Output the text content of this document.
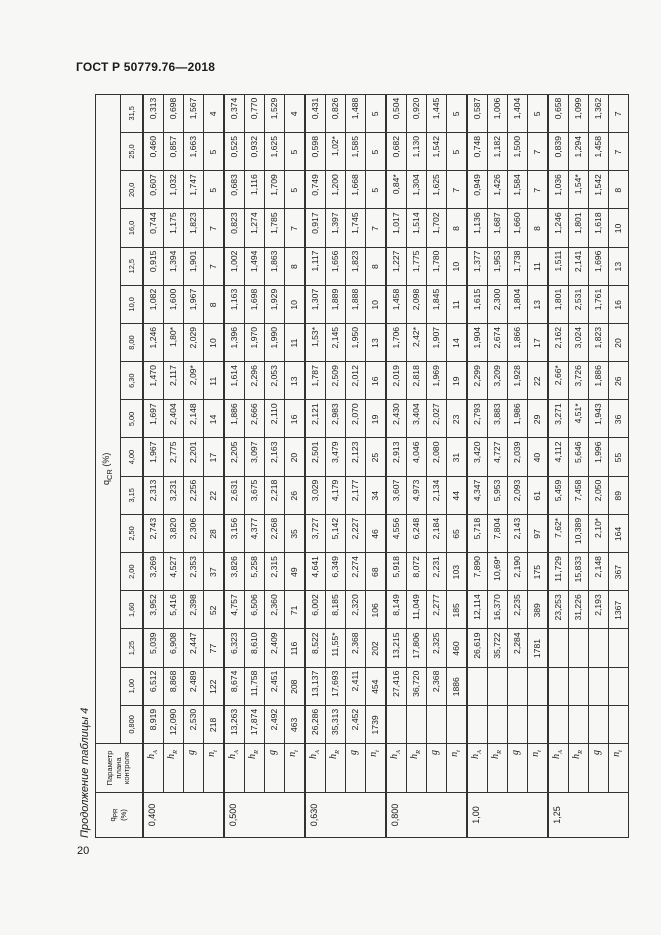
ГОСТ Р 50779.76—2018
Продолжение таблицы 4
20
$q_{PR}$
(%)	Параметр плана контроля	$q_{CR}$ (%)																
		0,800	1,00	1,25	1,60	2,00	2,50	3,15	4,00	5,00	6,30	8,00	10,0	12,5	16,0	20,0	25,0	31,5
0,400	$h_A$	8,919	6,512	5,039	3,952	3,269	2,743	2,313	1,967	1,697	1,470	1,246	1,082	0,915	0,744	0,607	0,460	0,313
	$h_R$	12,090	8,868	6,908	5,416	4,527	3,820	3,231	2,775	2,404	2,117	1,80*	1,600	1,394	1,175	1,032	0,857	0,698
	g	2,530	2,489	2,447	2,398	2,353	2,306	2,256	2,201	2,148	2,09*	2,029	1,967	1,901	1,823	1,747	1,663	1,567
	$n_t$	218	122	77	52	37	28	22	17	14	11	10	8	7	7	5	5	4
0,500	$h_A$	13,263	8,674	6,323	4,757	3,826	3,156	2,631	2,205	1,886	1,614	1,396	1,163	1,002	0,823	0,683	0,525	0,374
	$h_R$	17,874	11,758	8,610	6,506	5,258	4,377	3,675	3,097	2,666	2,296	1,970	1,698	1,494	1,274	1,116	0,932	0,770
	g	2,492	2,451	2,409	2,360	2,315	2,268	2,218	2,163	2,110	2,053	1,990	1,929	1,863	1,785	1,709	1,625	1,529
	$n_t$	463	208	116	71	49	35	26	20	16	13	11	10	8	7	5	5	4
0,630	$h_A$	26,286	13,137	8,522	6,002	4,641	3,727	3,029	2,501	2,121	1,787	1,53*	1,307	1,117	0,917	0,749	0,598	0,431
	$h_R$	35,313	17,693	11,55*	8,185	6,349	5,142	4,179	3,479	2,983	2,509	2,145	1,889	1,656	1,397	1,200	1,02*	0,826
	g	2,452	2,411	2,368	2,320	2,274	2,227	2,177	2,123	2,070	2,012	1,950	1,888	1,823	1,745	1,668	1,585	1,488
	$n_t$	1739	454	202	106	68	46	34	25	19	16	13	10	8	7	5	5	5
0,800	$h_A$		27,416	13,215	8,149	5,918	4,556	3,607	2,913	2,430	2,019	1,706	1,458	1,227	1,017	0,84*	0,682	0,504
	$h_R$		36,720	17,806	11,049	8,072	6,248	4,973	4,046	3,404	2,818	2,42*	2,098	1,775	1,514	1,304	1,130	0,920
	g		2,368	2,325	2,277	2,231	2,184	2,134	2,080	2,027	1,969	1,907	1,845	1,780	1,702	1,625	1,542	1,445
	$n_t$		1886	460	185	103	65	44	31	23	19	14	11	10	8	7	5	5
1,00	$h_A$			26,619	12,114	7,890	5,718	4,347	3,420	2,793	2,299	1,904	1,615	1,377	1,136	0,949	0,748	0,587
	$h_R$			35,722	16,370	10,69*	7,804	5,953	4,727	3,883	3,209	2,674	2,300	1,953	1,687	1,426	1,182	1,006
	g			2,284	2,235	2,190	2,143	2,093	2,039	1,986	1,928	1,866	1,804	1,738	1,660	1,584	1,500	1,404
	$n_t$			1781	389	175	97	61	40	29	22	17	13	11	8	7	7	5
1,25	$h_A$				23,253	11,729	7,62*	5,459	4,112	3,271	2,66*	2,162	1,801	1,511	1,246	1,036	0,839	0,658
	$h_R$				31,226	15,833	10,389	7,458	5,646	4,51*	3,726	3,024	2,531	2,141	1,801	1,54*	1,294	1,099
	g				2,193	2,148	2,10*	2,050	1,996	1,943	1,886	1,823	1,761	1,696	1,618	1,542	1,458	1,362
	$n_t$				1367	367	164	89	55	36	26	20	16	13	10	8	7	7
